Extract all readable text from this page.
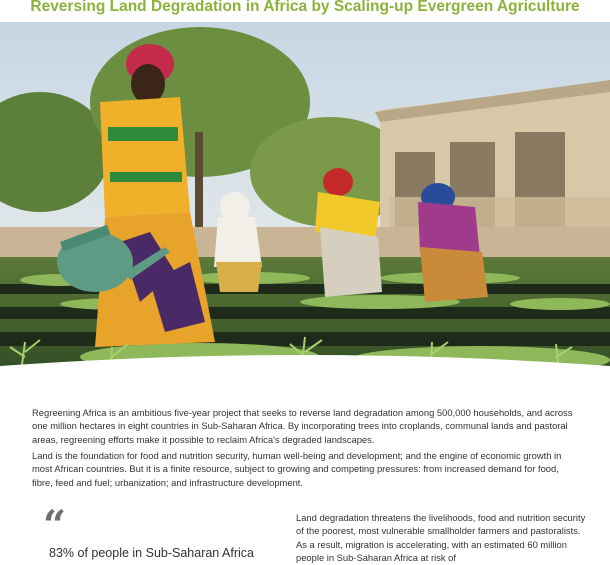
Reversing Land Degradation in Africa by Scaling-up Evergreen Agriculture
Photo:World Agroforestry Centre/Sophie Mbugua

Regreening Africa is an ambitious five-year project that seeks to reverse land degradation among 500,000 households, and across one million hectares in eight countries in Sub-Saharan Africa. By incorporating trees into croplands, communal lands and pastoral areas, regreening efforts make it possible to reclaim Africa's degraded landscapes.

Land is the foundation for food and nutrition security, human well-being and development; and the engine of economic growth in most African countries. But it is a finite resource, subject to growing and competing pressures: from increased demand for food, fibre, feed and fuel; urbanization; and infrastructure development.

“
83% of people in Sub-Saharan Africa

Land degradation threatens the livelihoods, food and nutrition security of the poorest, most vulnerable smallholder farmers and pastoralists. As a result, migration is accelerating, with an estimated 60 million people in Sub-Saharan Africa at risk of
